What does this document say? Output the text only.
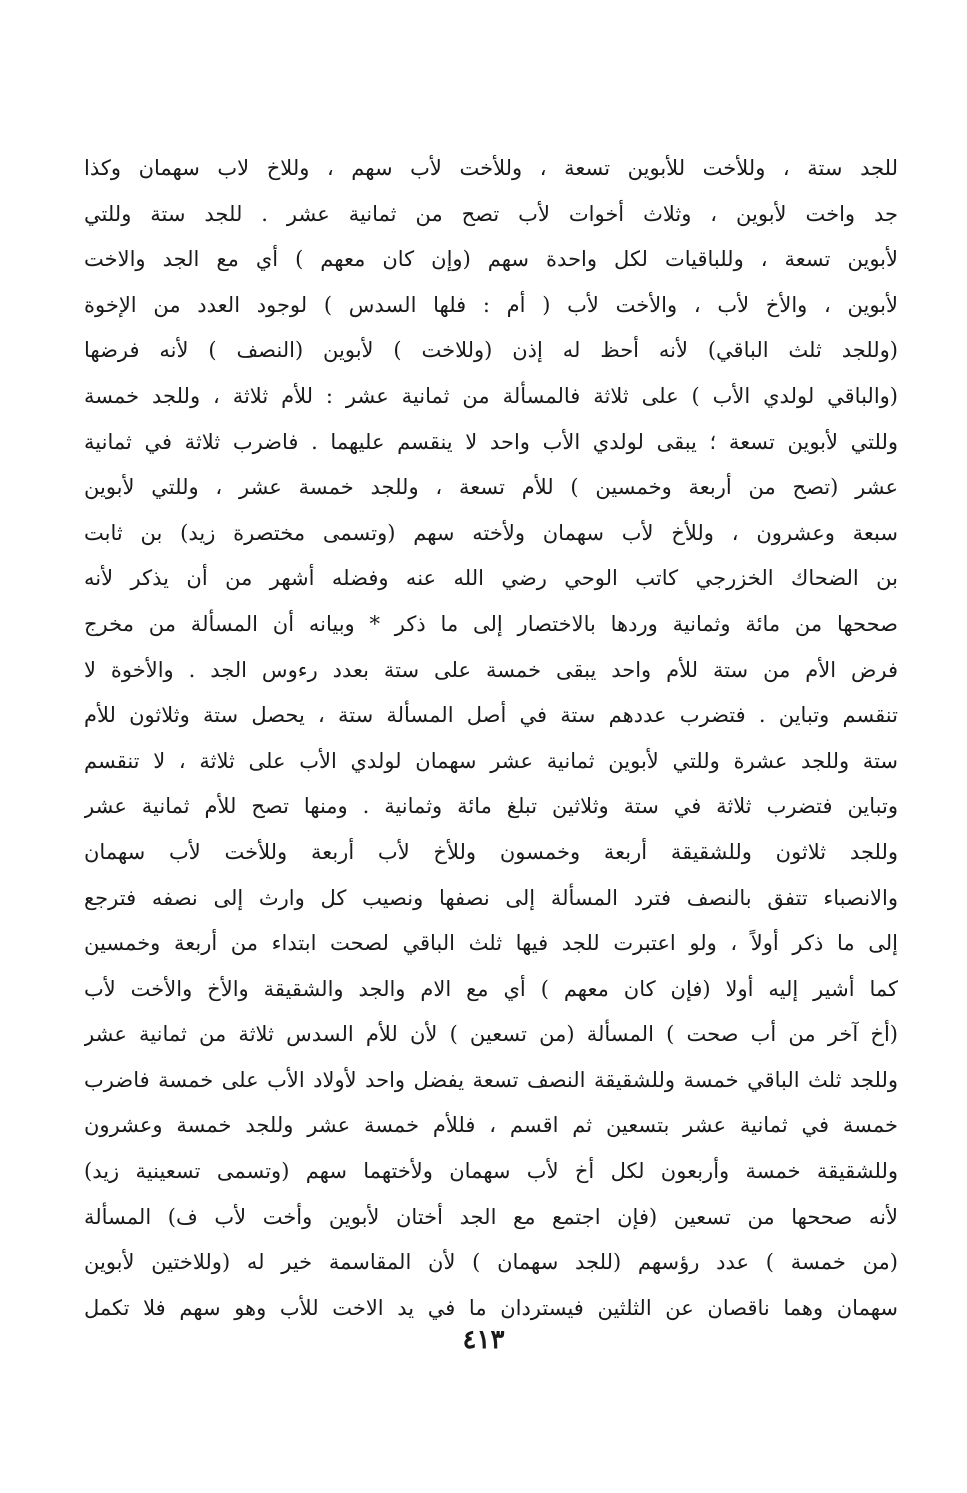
للجد ستة ، وللأخت للأبوين تسعة ، وللأخت لأب سهم ، وللاخ لاب سهمان وكذا
جد واخت لأبوين ، وثلاث أخوات لأب تصح من ثمانية عشر . للجد ستة وللتي
لأبوين تسعة ، وللباقيات لكل واحدة سهم (وإن كان معهم ) أي مع الجد والاخت
لأبوين ، والأخ لأب ، والأخت لأب ( أم : فلها السدس ) لوجود العدد من الإخوة
(وللجد ثلث الباقي) لأنه أحظ له إذن (وللاخت ) لأبوين (النصف ) لأنه فرضها
(والباقي لولدي الأب ) على ثلاثة فالمسألة من ثمانية عشر : للأم ثلاثة ، وللجد خمسة
وللتي لأبوين تسعة ؛ يبقى لولدي الأب واحد لا ينقسم عليهما . فاضرب ثلاثة في ثمانية
عشر (تصح من أربعة وخمسين ) للأم تسعة ، وللجد خمسة عشر ، وللتي لأبوين
سبعة وعشرون ، وللأخ لأب سهمان ولأخته سهم (وتسمى مختصرة زيد) بن ثابت
بن الضحاك الخزرجي كاتب الوحي رضي الله عنه وفضله أشهر من أن يذكر لأنه
صححها من مائة وثمانية وردها بالاختصار إلى ما ذكر * وبيانه أن المسألة من مخرج
فرض الأم من ستة للأم واحد يبقى خمسة على ستة بعدد رءوس الجد . والأخوة لا
تنقسم وتباين . فتضرب عددهم ستة في أصل المسألة ستة ، يحصل ستة وثلاثون للأم
ستة وللجد عشرة وللتي لأبوين ثمانية عشر سهمان لولدي الأب على ثلاثة ، لا تنقسم
وتباين فتضرب ثلاثة في ستة وثلاثين تبلغ مائة وثمانية . ومنها تصح للأم ثمانية عشر
وللجد ثلاثون وللشقيقة أربعة وخمسون وللأخ لأب أربعة وللأخت لأب سهمان
والانصباء تتفق بالنصف فترد المسألة إلى نصفها ونصيب كل وارث إلى نصفه فترجع
إلى ما ذكر أولاً ، ولو اعتبرت للجد فيها ثلث الباقي لصحت ابتداء من أربعة وخمسين
كما أشير إليه أولا (فإن كان معهم ) أي مع الام والجد والشقيقة والأخ والأخت لأب
(أخ آخر من أب صحت ) المسألة (من تسعين ) لأن للأم السدس ثلاثة من ثمانية عشر
وللجد ثلث الباقي خمسة وللشقيقة النصف تسعة يفضل واحد لأولاد الأب على خمسة فاضرب
خمسة في ثمانية عشر بتسعين ثم اقسم ، فللأم خمسة عشر وللجد خمسة وعشرون
وللشقيقة خمسة وأربعون لكل أخ لأب سهمان ولأختهما سهم (وتسمى تسعينية زيد)
لأنه صححها من تسعين (فإن اجتمع مع الجد أختان لأبوين وأخت لأب ف) المسألة
(من خمسة ) عدد رؤسهم (للجد سهمان ) لأن المقاسمة خير له (وللاختين لأبوين
سهمان وهما ناقصان عن الثلثين فيستردان ما في يد الاخت للأب وهو سهم فلا تكمل
٤١٣
